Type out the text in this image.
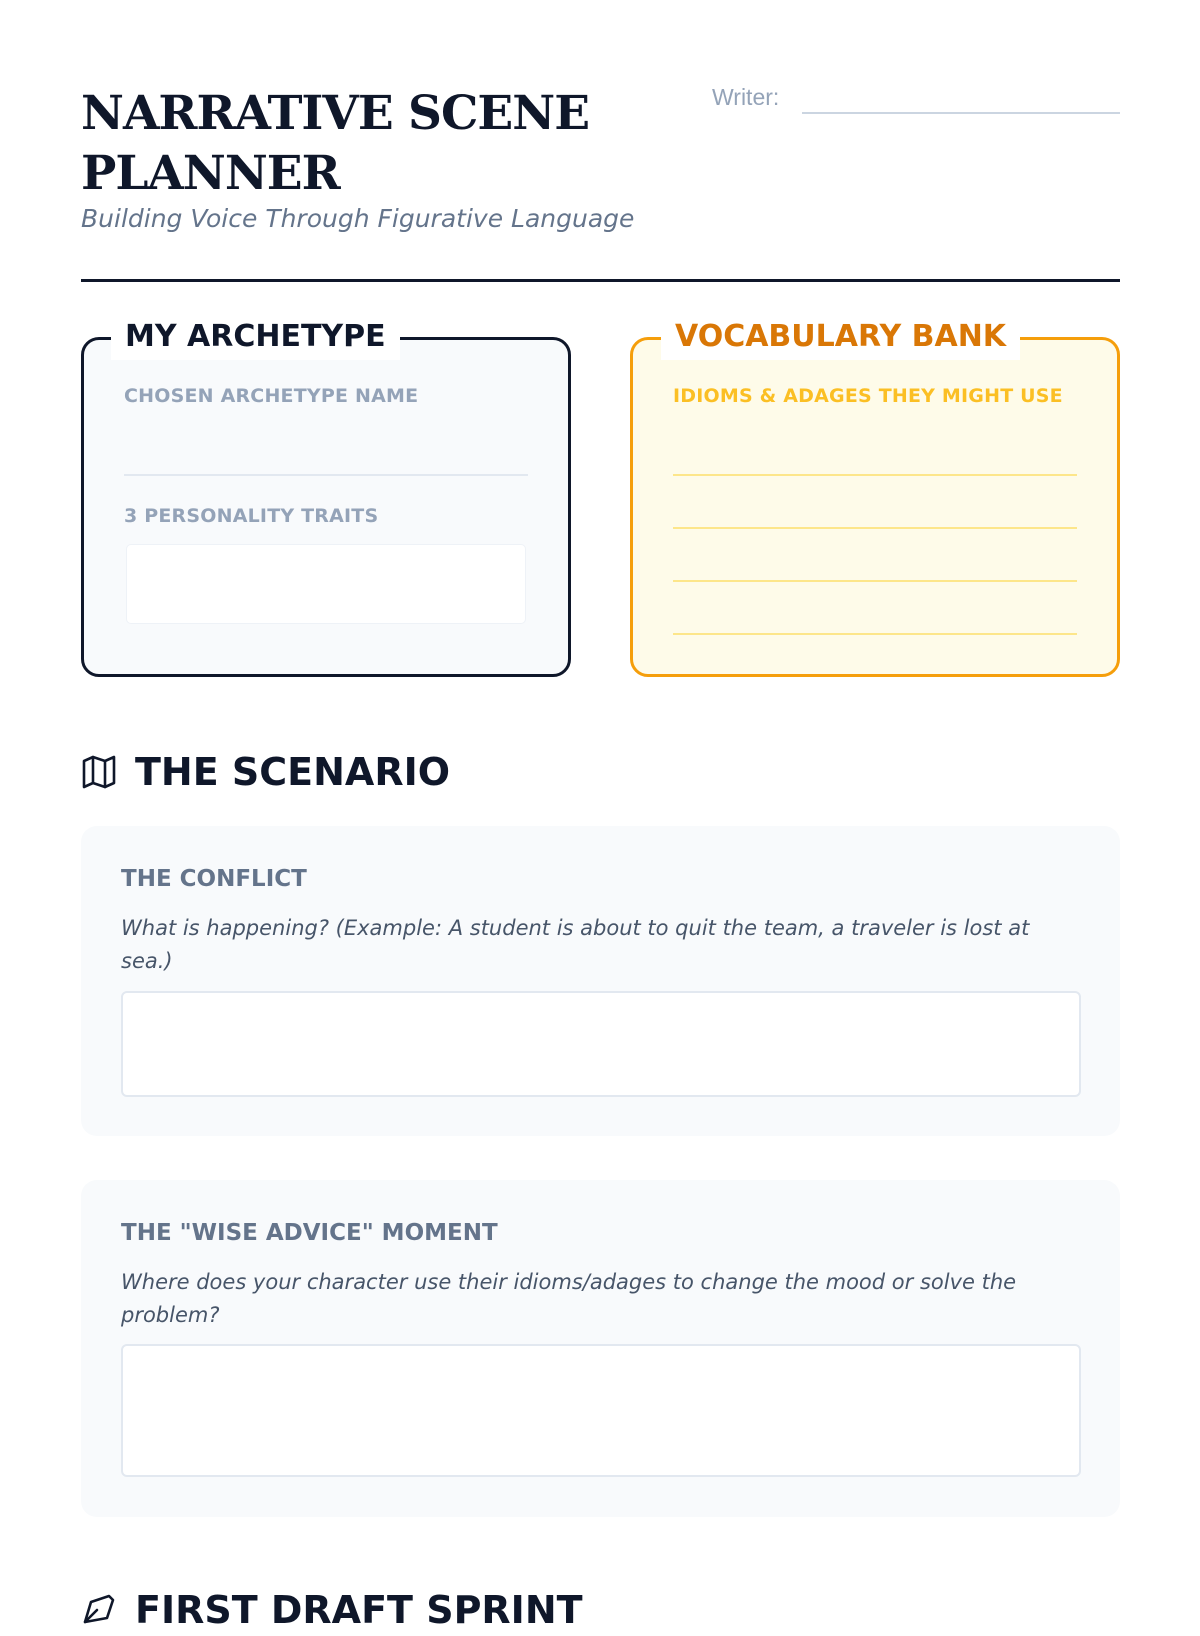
NARRATIVE SCENE PLANNER
Building Voice Through Figurative Language
Writer:
MY ARCHETYPE
CHOSEN ARCHETYPE NAME
3 PERSONALITY TRAITS
VOCABULARY BANK
IDIOMS & ADAGES THEY MIGHT USE
THE SCENARIO
THE CONFLICT
What is happening? (Example: A student is about to quit the team, a traveler is lost at sea.)
THE "WISE ADVICE" MOMENT
Where does your character use their idioms/adages to change the mood or solve the problem?
FIRST DRAFT SPRINT
